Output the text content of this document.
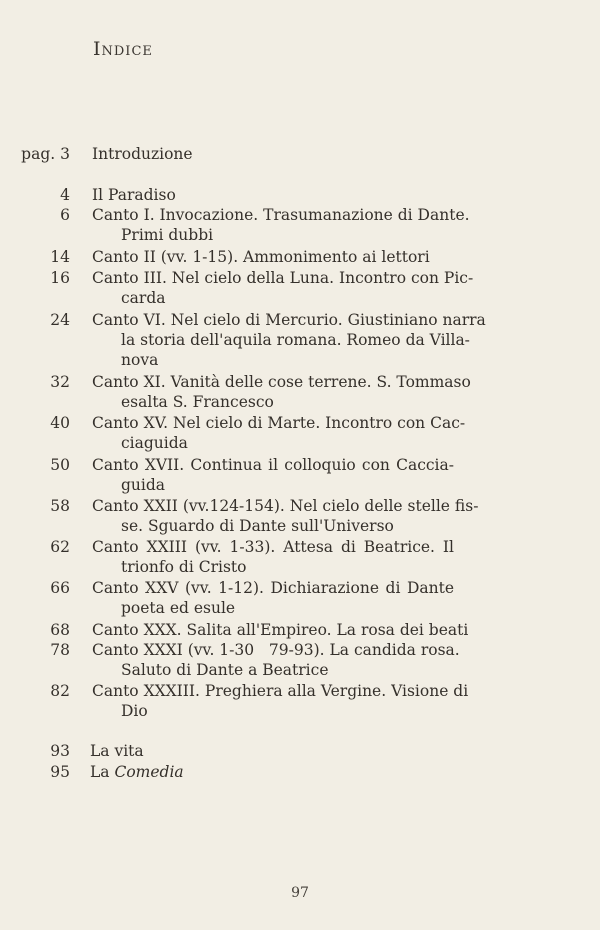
Indice
pag. 3 Introduzione
4 Il Paradiso
6 Canto I. Invocazione. Trasumanazione di Dante.
Primi dubbi
14 Canto II (vv. 1-15). Ammonimento ai lettori
16 Canto III. Nel cielo della Luna. Incontro con Pic-
carda
24 Canto VI. Nel cielo di Mercurio. Giustiniano narra
la storia dell'aquila romana. Romeo da Villa-
nova
32 Canto XI. Vanità delle cose terrene. S. Tommaso
esalta S. Francesco
40 Canto XV. Nel cielo di Marte. Incontro con Cac-
ciaguida
50 Canto XVII. Continua il colloquio con Caccia-
guida
58 Canto XXII (vv.124-154). Nel cielo delle stelle fis-
se. Sguardo di Dante sull'Universo
62 Canto XXIII (vv. 1-33). Attesa di Beatrice. Il
trionfo di Cristo
66 Canto XXV (vv. 1-12). Dichiarazione di Dante
poeta ed esule
68 Canto XXX. Salita all'Empireo. La rosa dei beati
78 Canto XXXI (vv. 1-30   79-93). La candida rosa.
Saluto di Dante a Beatrice
82 Canto XXXIII. Preghiera alla Vergine. Visione di
Dio
93 La vita
95 La Comedia
97
